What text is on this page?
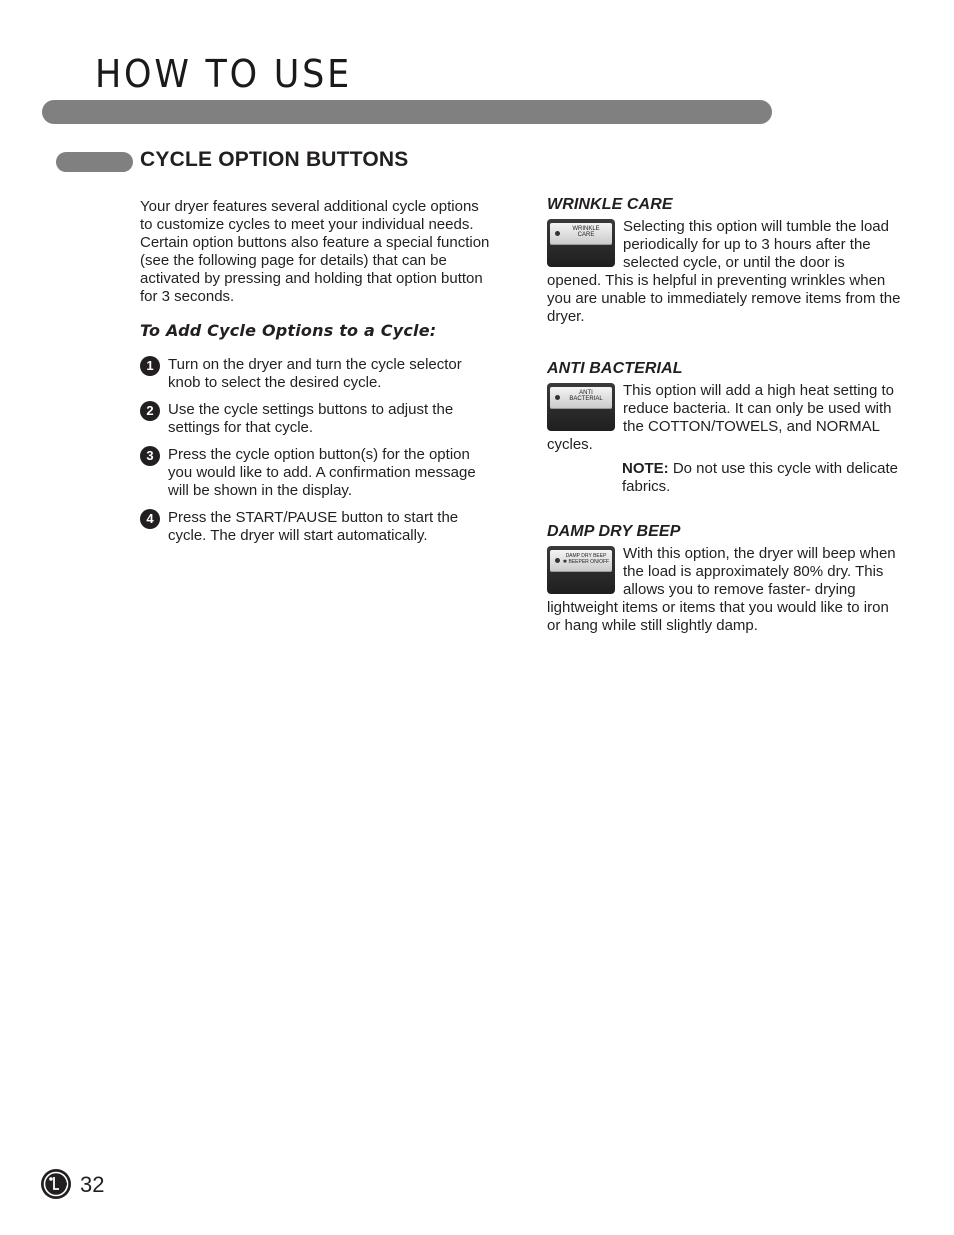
HOW TO USE
CYCLE OPTION BUTTONS

Your dryer features several additional cycle options to customize cycles to meet your individual needs. Certain option buttons also feature a special function (see the following page for details) that can be activated by pressing and holding that option button for 3 seconds.

To Add Cycle Options to a Cycle:
1 Turn on the dryer and turn the cycle selector knob to select the desired cycle.
2 Use the cycle settings buttons to adjust the settings for that cycle.
3 Press the cycle option button(s) for the option you would like to add. A confirmation message will be shown in the display.
4 Press the START/PAUSE button to start the cycle. The dryer will start automatically.
WRINKLE CARE
WRINKLE
CARE	Selecting this option will tumble the load periodically for up to 3 hours after the selected cycle, or until the door is opened. This is helpful in preventing wrinkles when you are unable to immediately remove items from the dryer.

ANTI BACTERIAL
ANTI
BACTERIAL	This option will add a high heat setting to reduce bacteria. It can only be used with the COTTON/TOWELS, and NORMAL cycles.

NOTE: Do not use this cycle with delicate fabrics.

DAMP DRY BEEP
DAMP DRY BEEP
✱ BEEPER ON/OFF With this option, the dryer will beep when the load is approximately 80% dry. This allows you to remove faster- drying lightweight items or items that you would like to iron or hang while still slightly damp.

32
